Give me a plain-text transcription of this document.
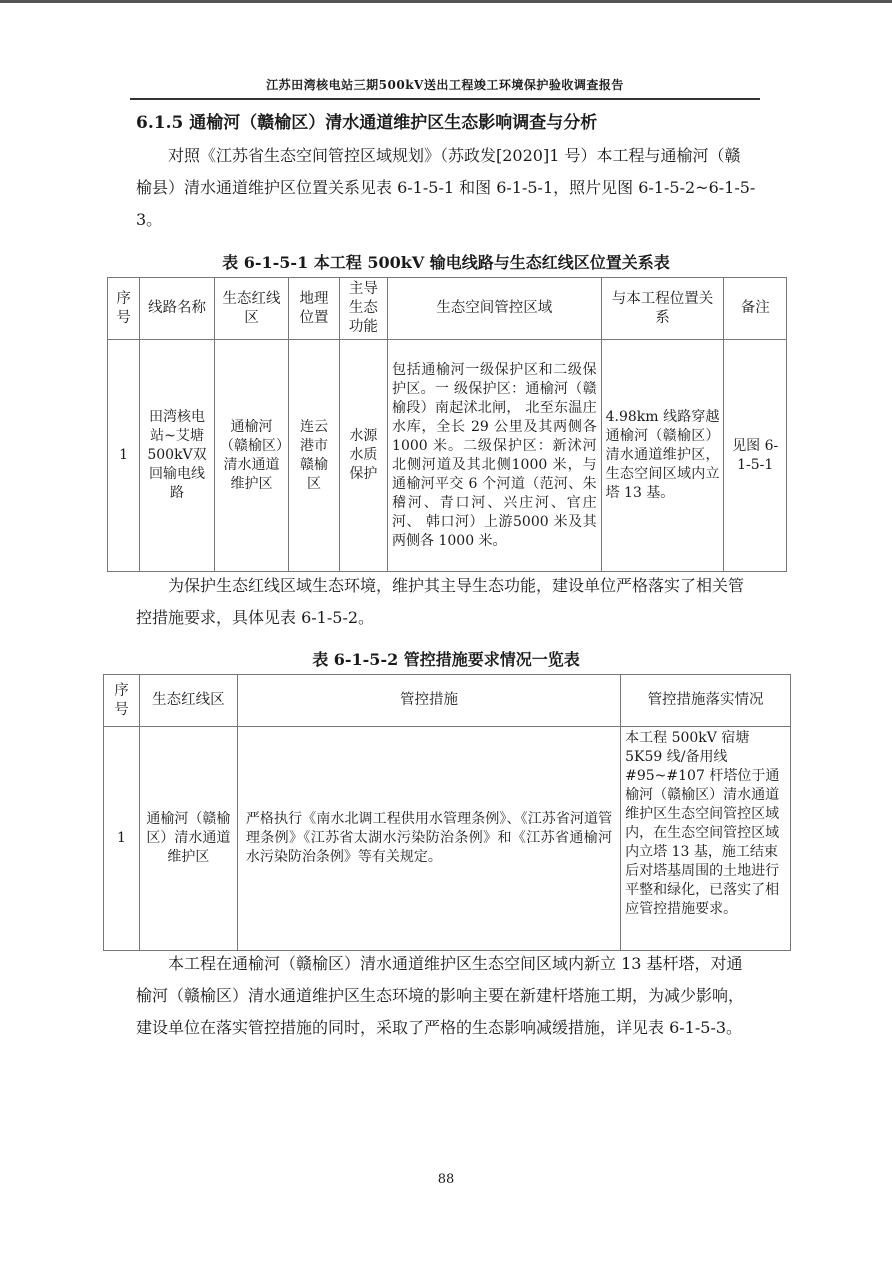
江苏田湾核电站三期500kV送出工程竣工环境保护验收调查报告
6.1.5 通榆河（赣榆区）清水通道维护区生态影响调查与分析
对照《江苏省生态空间管控区域规划》（苏政发[2020]1 号）本工程与通榆河（赣榆县）清水通道维护区位置关系见表 6-1-5-1 和图 6-1-5-1，照片见图 6-1-5-2~6-1-5-3。
表 6-1-5-1 本工程 500kV 输电线路与生态红线区位置关系表
序号	线路名称	生态红线区	地理位置	主导生态功能	生态空间管控区域	与本工程位置关系	备注
1	田湾核电站~艾塘500kV双回输电线路	通榆河（赣榆区）清水通道维护区	连云港市赣榆区	水源水质保护	包括通榆河一级保护区和二级保护区。一 级保护区：通榆河（赣榆段）南起沭北闸， 北至东温庄水库，全长 29 公里及其两侧各 1000 米。二级保护区：新沭河北侧河道及其北侧1000 米，与通榆河平交 6 个河道（范河、朱稽河、青口河、兴庄河、官庄河、 韩口河）上游5000 米及其两侧各 1000 米。	4.98km 线路穿越通榆河（赣榆区）清水通道维护区，生态空间区域内立塔 13 基。	见图 6-1-5-1
为保护生态红线区域生态环境，维护其主导生态功能，建设单位严格落实了相关管控措施要求，具体见表 6-1-5-2。
表 6-1-5-2 管控措施要求情况一览表
序号	生态红线区	管控措施	管控措施落实情况
1	通榆河（赣榆区）清水通道维护区	严格执行《南水北调工程供用水管理条例》、《江苏省河道管理条例》《江苏省太湖水污染防治条例》和《江苏省通榆河水污染防治条例》等有关规定。	本工程 500kV 宿塘5K59 线/备用线#95~#107 杆塔位于通榆河（赣榆区）清水通道维护区生态空间管控区域内，在生态空间管控区域内立塔 13 基，施工结束后对塔基周围的土地进行平整和绿化，已落实了相应管控措施要求。
本工程在通榆河（赣榆区）清水通道维护区生态空间区域内新立 13 基杆塔，对通榆河（赣榆区）清水通道维护区生态环境的影响主要在新建杆塔施工期，为减少影响，建设单位在落实管控措施的同时，采取了严格的生态影响减缓措施，详见表 6-1-5-3。
88
